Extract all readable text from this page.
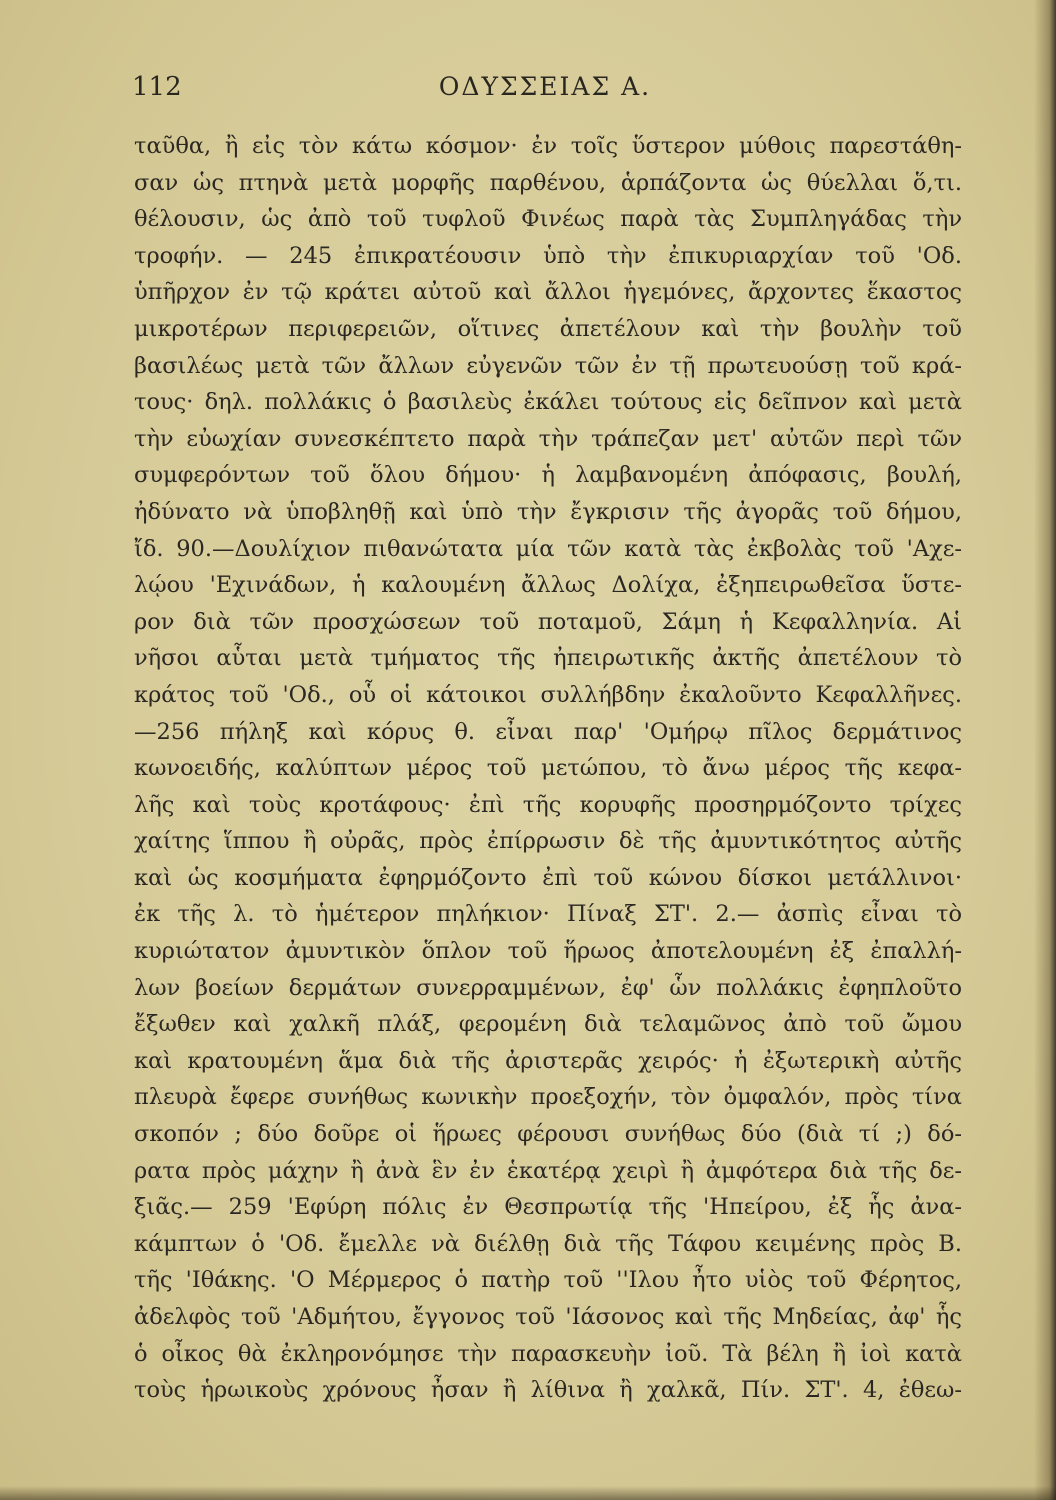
112	ΟΔΥΣΣΕΙΑΣ Α.
ταῦθα, ἢ εἰς τὸν κάτω κόσμον· ἐν τοῖς ὕστερον μύθοις παρεστάθη-
σαν ὡς πτηνὰ μετὰ μορφῆς παρθένου, ἁρπάζοντα ὡς θύελλαι ὅ,τι.
θέλουσιν, ὡς ἀπὸ τοῦ τυφλοῦ Φινέως παρὰ τὰς Συμπληγάδας τὴν
τροφήν. — 245 ἐπικρατέουσιν ὑπὸ τὴν ἐπικυριαρχίαν τοῦ 'Οδ.
ὑπῆρχον ἐν τῷ κράτει αὐτοῦ καὶ ἄλλοι ἡγεμόνες, ἄρχοντες ἕκαστος
μικροτέρων περιφερειῶν, οἵτινες ἀπετέλουν καὶ τὴν βουλὴν τοῦ
βασιλέως μετὰ τῶν ἄλλων εὐγενῶν τῶν ἐν τῇ πρωτευούσῃ τοῦ κρά-
τους· δηλ. πολλάκις ὁ βασιλεὺς ἐκάλει τούτους εἰς δεῖπνον καὶ μετὰ
τὴν εὐωχίαν συνεσκέπτετο παρὰ τὴν τράπεζαν μετ' αὐτῶν περὶ τῶν
συμφερόντων τοῦ ὅλου δήμου· ἡ λαμβανομένη ἀπόφασις, βουλή,
ἠδύνατο νὰ ὑποβληθῇ καὶ ὑπὸ τὴν ἔγκρισιν τῆς ἀγορᾶς τοῦ δήμου,
ἴδ. 90.—Δουλίχιον πιθανώτατα μία τῶν κατὰ τὰς ἐκβολὰς τοῦ 'Αχε-
λῴου 'Εχινάδων, ἡ καλουμένη ἄλλως Δολίχα, ἐξηπειρωθεῖσα ὕστε-
ρον διὰ τῶν προσχώσεων τοῦ ποταμοῦ, Σάμη ἡ Κεφαλληνία. Αἱ
νῆσοι αὗται μετὰ τμήματος τῆς ἠπειρωτικῆς ἀκτῆς ἀπετέλουν τὸ
κράτος τοῦ 'Οδ., οὗ οἱ κάτοικοι συλλήβδην ἐκαλοῦντο Κεφαλλῆνες.
—256 πήληξ καὶ κόρυς θ. εἶναι παρ' 'Ομήρῳ πῖλος δερμάτινος
κωνοειδής, καλύπτων μέρος τοῦ μετώπου, τὸ ἄνω μέρος τῆς κεφα-
λῆς καὶ τοὺς κροτάφους· ἐπὶ τῆς κορυφῆς προσηρμόζοντο τρίχες
χαίτης ἵππου ἢ οὐρᾶς, πρὸς ἐπίρρωσιν δὲ τῆς ἀμυντικότητος αὐτῆς
καὶ ὡς κοσμήματα ἐφηρμόζοντο ἐπὶ τοῦ κώνου δίσκοι μετάλλινοι·
ἐκ τῆς λ. τὸ ἡμέτερον πηλήκιον· Πίναξ ΣΤ'. 2.— ἀσπὶς εἶναι τὸ
κυριώτατον ἀμυντικὸν ὅπλον τοῦ ἥρωος ἀποτελουμένη ἐξ ἐπαλλή-
λων βοείων δερμάτων συνερραμμένων, ἐφ' ὧν πολλάκις ἐφηπλοῦτο
ἔξωθεν καὶ χαλκῆ πλάξ, φερομένη διὰ τελαμῶνος ἀπὸ τοῦ ὤμου
καὶ κρατουμένη ἅμα διὰ τῆς ἀριστερᾶς χειρός· ἡ ἐξωτερικὴ αὐτῆς
πλευρὰ ἔφερε συνήθως κωνικὴν προεξοχήν, τὸν ὀμφαλόν, πρὸς τίνα
σκοπόν ; δύο δοῦρε οἱ ἥρωες φέρουσι συνήθως δύο (διὰ τί ;) δό-
ρατα πρὸς μάχην ἢ ἀνὰ ἓν ἐν ἑκατέρᾳ χειρὶ ἢ ἀμφότερα διὰ τῆς δε-
ξιᾶς.— 259 'Εφύρη πόλις ἐν Θεσπρωτίᾳ τῆς 'Ηπείρου, ἐξ ἧς ἀνα-
κάμπτων ὁ 'Οδ. ἔμελλε νὰ διέλθῃ διὰ τῆς Τάφου κειμένης πρὸς Β.
τῆς 'Ιθάκης. 'Ο Μέρμερος ὁ πατὴρ τοῦ ''Ιλου ἦτο υἱὸς τοῦ Φέρητος,
ἀδελφὸς τοῦ 'Αδμήτου, ἔγγονος τοῦ 'Ιάσονος καὶ τῆς Μηδείας, ἀφ' ἧς
ὁ οἶκος θὰ ἐκληρονόμησε τὴν παρασκευὴν ἰοῦ. Τὰ βέλη ἢ ἰοὶ κατὰ
τοὺς ἡρωικοὺς χρόνους ἦσαν ἢ λίθινα ἢ χαλκᾶ, Πίν. ΣΤ'. 4, ἐθεω-
